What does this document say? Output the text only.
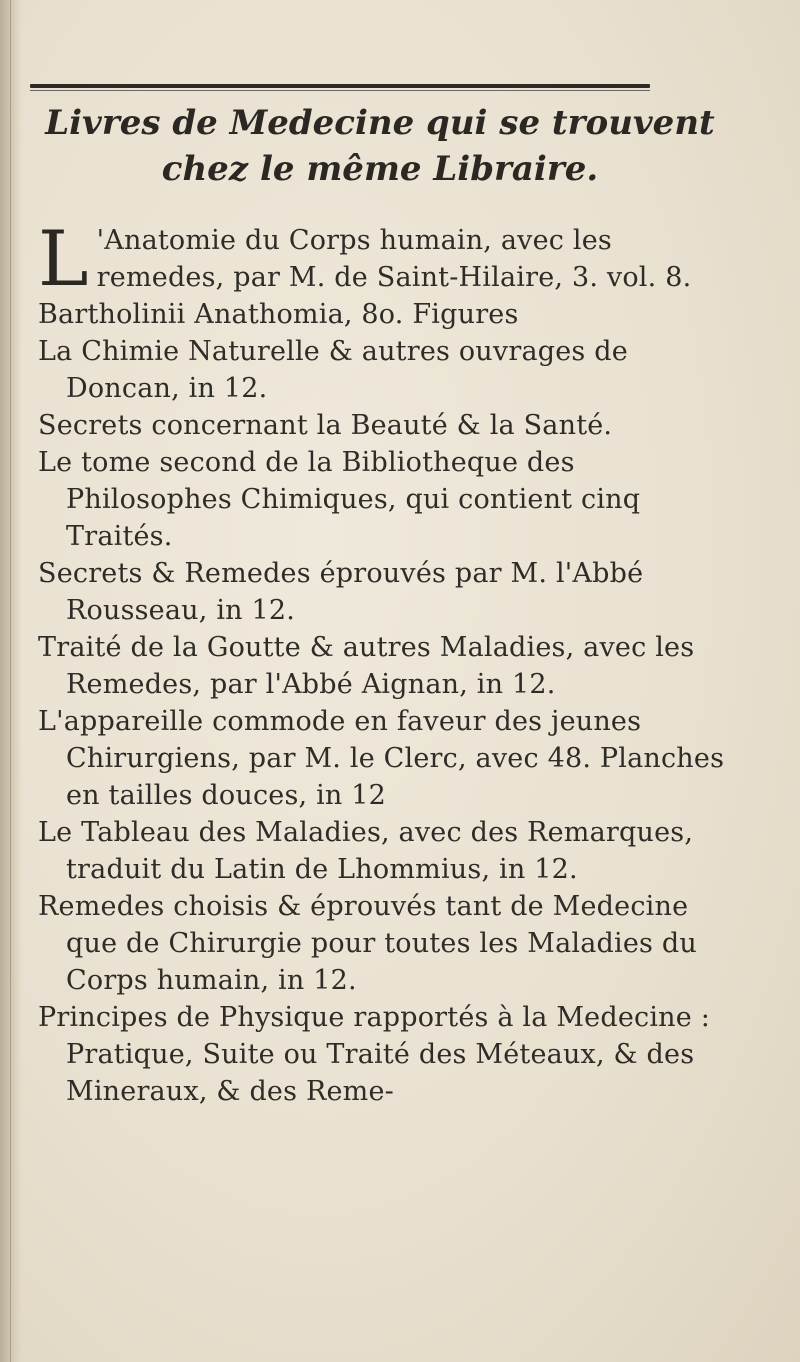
Livres de Medecine qui se trouvent
chez le même Libraire.
L 'Anatomie du Corps humain, avec les remedes, par M. de Saint-Hilaire, 3. vol. 8.
Bartholinii Anathomia, 8o. Figures
La Chimie Naturelle & autres ouvrages de Doncan, in 12.
Secrets concernant la Beauté & la Santé.
Le tome second de la Bibliotheque des Philosophes Chimiques, qui contient cinq Traités.
Secrets & Remedes éprouvés par M. l'Abbé Rousseau, in 12.
Traité de la Goutte & autres Maladies, avec les Remedes, par l'Abbé Aignan, in 12.
L'appareille commode en faveur des jeunes Chirurgiens, par M. le Clerc, avec 48. Planches en tailles douces, in 12
Le Tableau des Maladies, avec des Remarques, traduit du Latin de Lhommius, in 12.
Remedes choisis & éprouvés tant de Medecine que de Chirurgie pour toutes les Maladies du Corps humain, in 12.
Principes de Physique rapportés à la Medecine : Pratique, Suite ou Traité des Méteaux, & des Mineraux, & des Reme-
